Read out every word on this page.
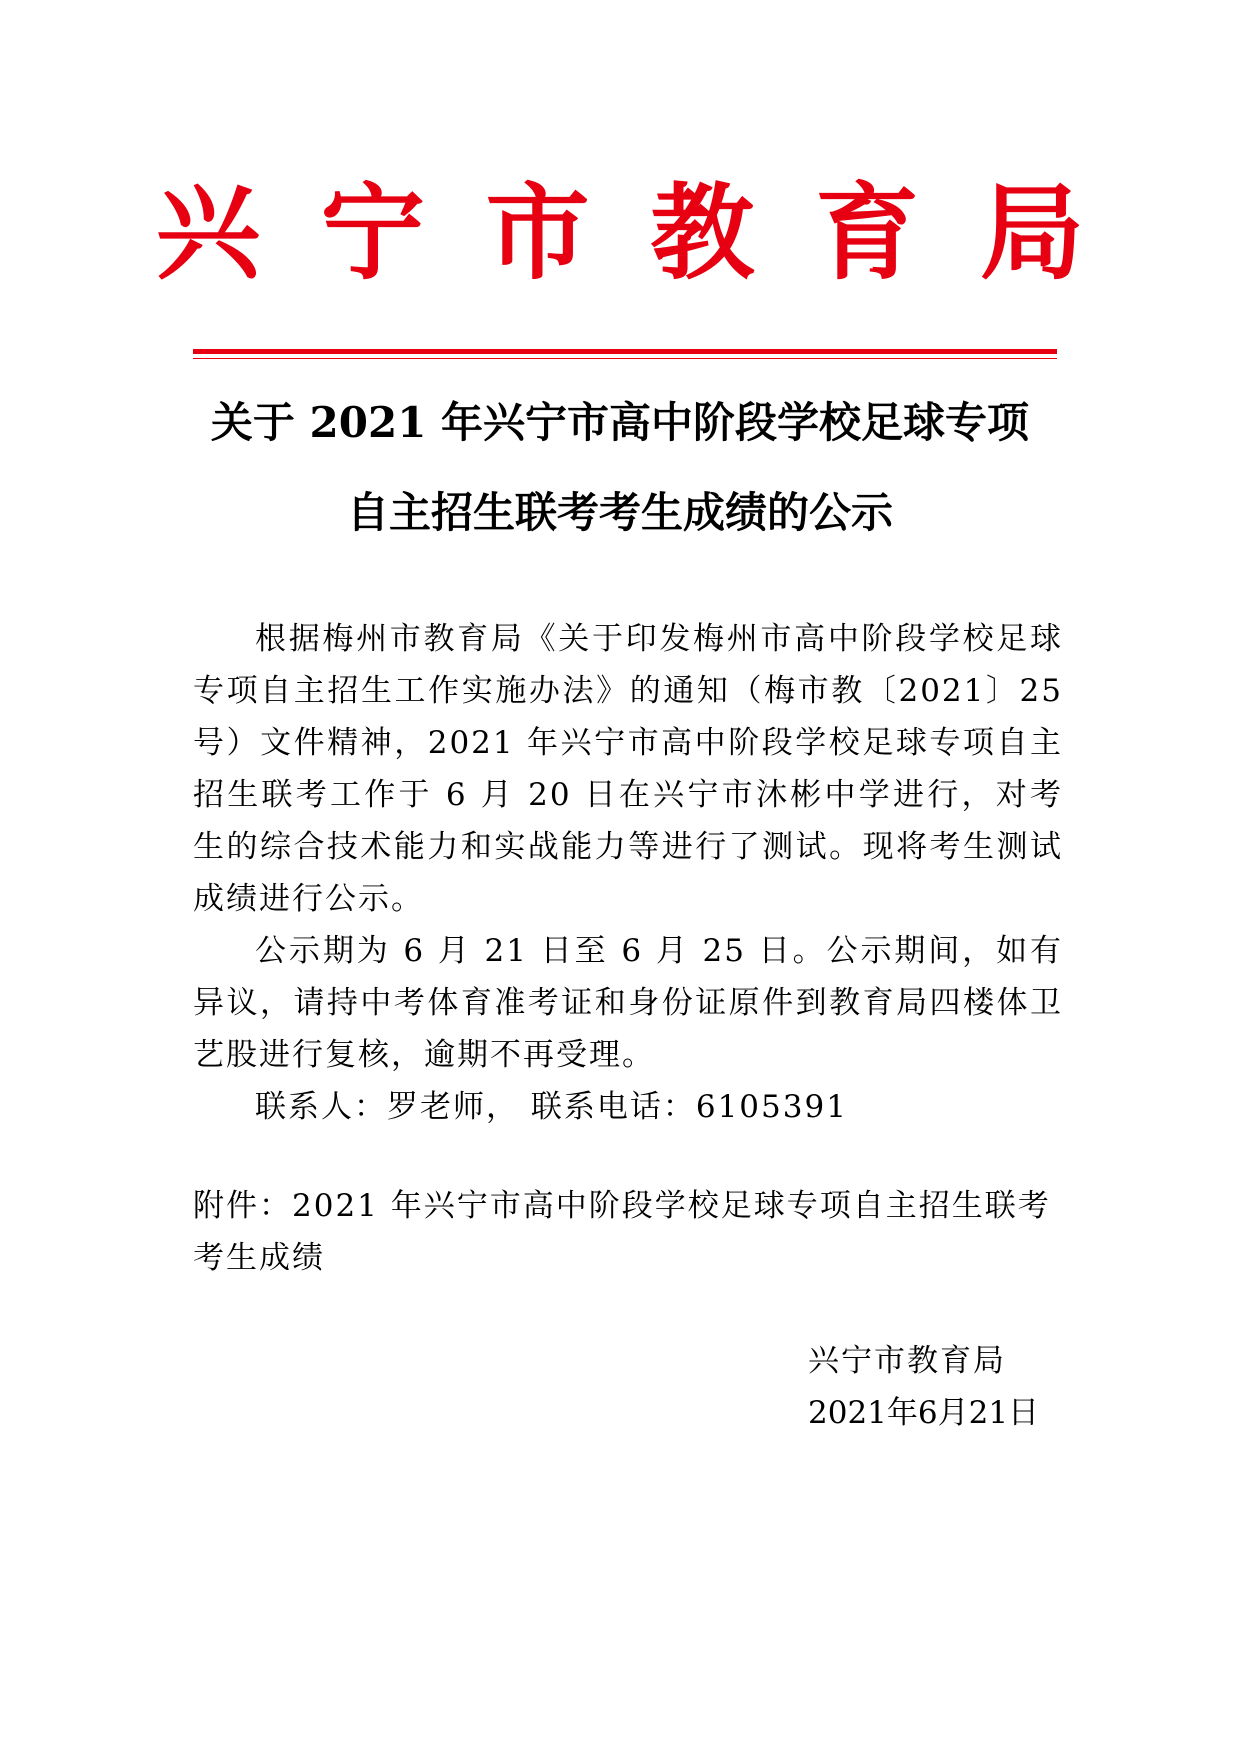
兴 宁 市 教 育 局
关于 2021 年兴宁市高中阶段学校足球专项
自主招生联考考生成绩的公示

根据梅州市教育局《关于印发梅州市高中阶段学校足球专项自主招生工作实施办法》的通知（梅市教〔2021〕25 号）文件精神，2021 年兴宁市高中阶段学校足球专项自主招生联考工作于 6 月 20 日在兴宁市沐彬中学进行，对考生的综合技术能力和实战能力等进行了测试。现将考生测试成绩进行公示。

公示期为 6 月 21 日至 6 月 25 日。公示期间，如有异议，请持中考体育准考证和身份证原件到教育局四楼体卫艺股进行复核，逾期不再受理。

联系人：罗老师， 联系电话：6105391

附件：2021 年兴宁市高中阶段学校足球专项自主招生联考考生成绩

兴宁市教育局
2021年6月21日
